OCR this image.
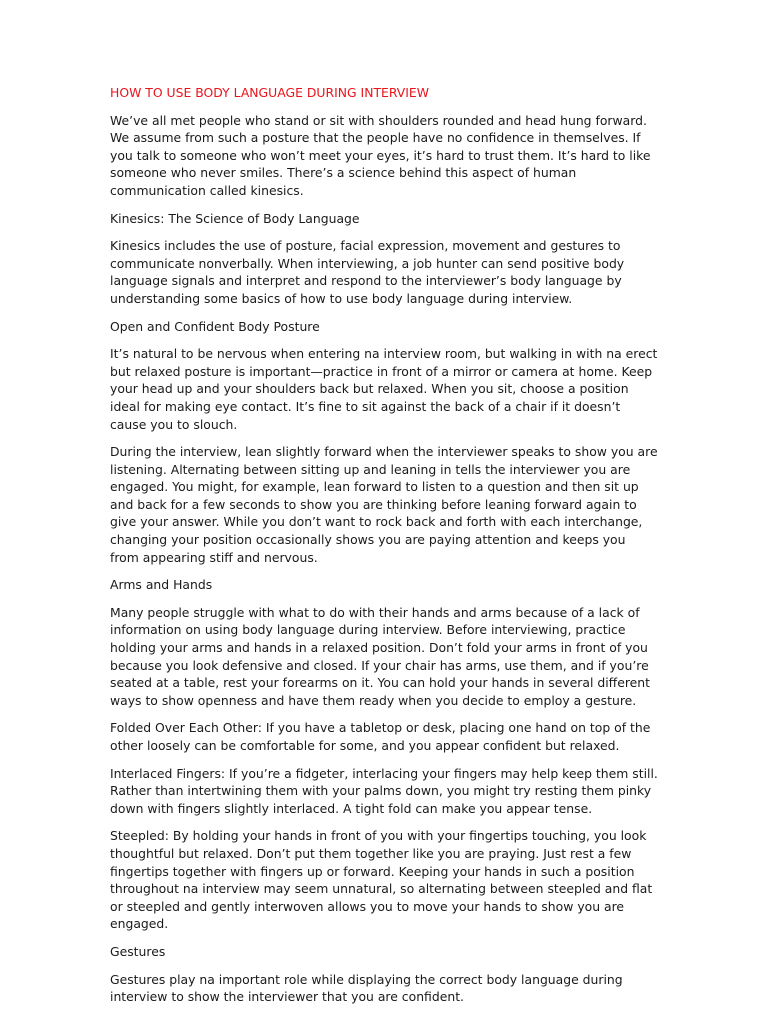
HOW TO USE BODY LANGUAGE DURING INTERVIEW

We’ve all met people who stand or sit with shoulders rounded and head hung forward. We assume from such a posture that the people have no confidence in themselves. If you talk to someone who won’t meet your eyes, it’s hard to trust them. It’s hard to like someone who never smiles. There’s a science behind this aspect of human communication called kinesics.

Kinesics: The Science of Body Language

Kinesics includes the use of posture, facial expression, movement and gestures to communicate nonverbally. When interviewing, a job hunter can send positive body language signals and interpret and respond to the interviewer’s body language by understanding some basics of how to use body language during interview.

Open and Confident Body Posture

It’s natural to be nervous when entering na interview room, but walking in with na erect but relaxed posture is important—practice in front of a mirror or camera at home. Keep your head up and your shoulders back but relaxed. When you sit, choose a position ideal for making eye contact. It’s fine to sit against the back of a chair if it doesn’t cause you to slouch.

During the interview, lean slightly forward when the interviewer speaks to show you are listening. Alternating between sitting up and leaning in tells the interviewer you are engaged. You might, for example, lean forward to listen to a question and then sit up and back for a few seconds to show you are thinking before leaning forward again to give your answer. While you don’t want to rock back and forth with each interchange, changing your position occasionally shows you are paying attention and keeps you from appearing stiff and nervous.

Arms and Hands

Many people struggle with what to do with their hands and arms because of a lack of information on using body language during interview. Before interviewing, practice holding your arms and hands in a relaxed position. Don’t fold your arms in front of you because you look defensive and closed. If your chair has arms, use them, and if you’re seated at a table, rest your forearms on it. You can hold your hands in several different ways to show openness and have them ready when you decide to employ a gesture.

Folded Over Each Other: If you have a tabletop or desk, placing one hand on top of the other loosely can be comfortable for some, and you appear confident but relaxed.

Interlaced Fingers: If you’re a fidgeter, interlacing your fingers may help keep them still. Rather than intertwining them with your palms down, you might try resting them pinky down with fingers slightly interlaced. A tight fold can make you appear tense.

Steepled: By holding your hands in front of you with your fingertips touching, you look thoughtful but relaxed. Don’t put them together like you are praying. Just rest a few fingertips together with fingers up or forward. Keeping your hands in such a position throughout na interview may seem unnatural, so alternating between steepled and flat or steepled and gently interwoven allows you to move your hands to show you are engaged.

Gestures

Gestures play na important role while displaying the correct body language during interview to show the interviewer that you are confident.
